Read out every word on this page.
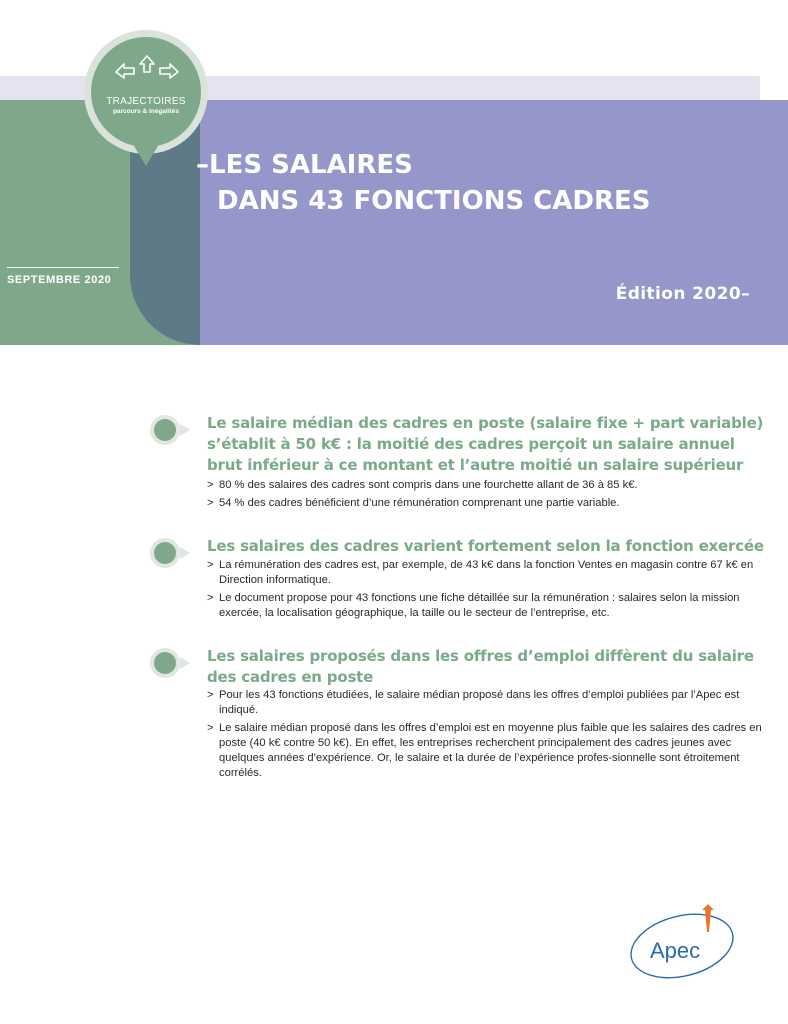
TRAJECTOIRES
parcours & inégalités
SEPTEMBRE 2020
–LES SALAIRES
DANS 43 FONCTIONS CADRES
Édition 2020–
Le salaire médian des cadres en poste (salaire fixe + part variable) s’établit à 50 k€ : la moitié des cadres perçoit un salaire annuel brut inférieur à ce montant et l’autre moitié un salaire supérieur
> 80 % des salaires des cadres sont compris dans une fourchette allant de 36 à 85 k€.
> 54 % des cadres bénéficient d’une rémunération comprenant une partie variable.
Les salaires des cadres varient fortement selon la fonction exercée
> La rémunération des cadres est, par exemple, de 43 k€ dans la fonction Ventes en magasin contre 67 k€ en Direction informatique.
> Le document propose pour 43 fonctions une fiche détaillée sur la rémunération : salaires selon la mission exercée, la localisation géographique, la taille ou le secteur de l’entreprise, etc.
Les salaires proposés dans les offres d’emploi diffèrent du salaire des cadres en poste
> Pour les 43 fonctions étudiées, le salaire médian proposé dans les offres d’emploi publiées par l’Apec est indiqué.
> Le salaire médian proposé dans les offres d’emploi est en moyenne plus faible que les salaires des cadres en poste (40 k€ contre 50 k€). En effet, les entreprises recherchent principalement des cadres jeunes avec quelques années d’expérience. Or, le salaire et la durée de l’expérience profes-sionnelle sont étroitement corrélés.
Apec
